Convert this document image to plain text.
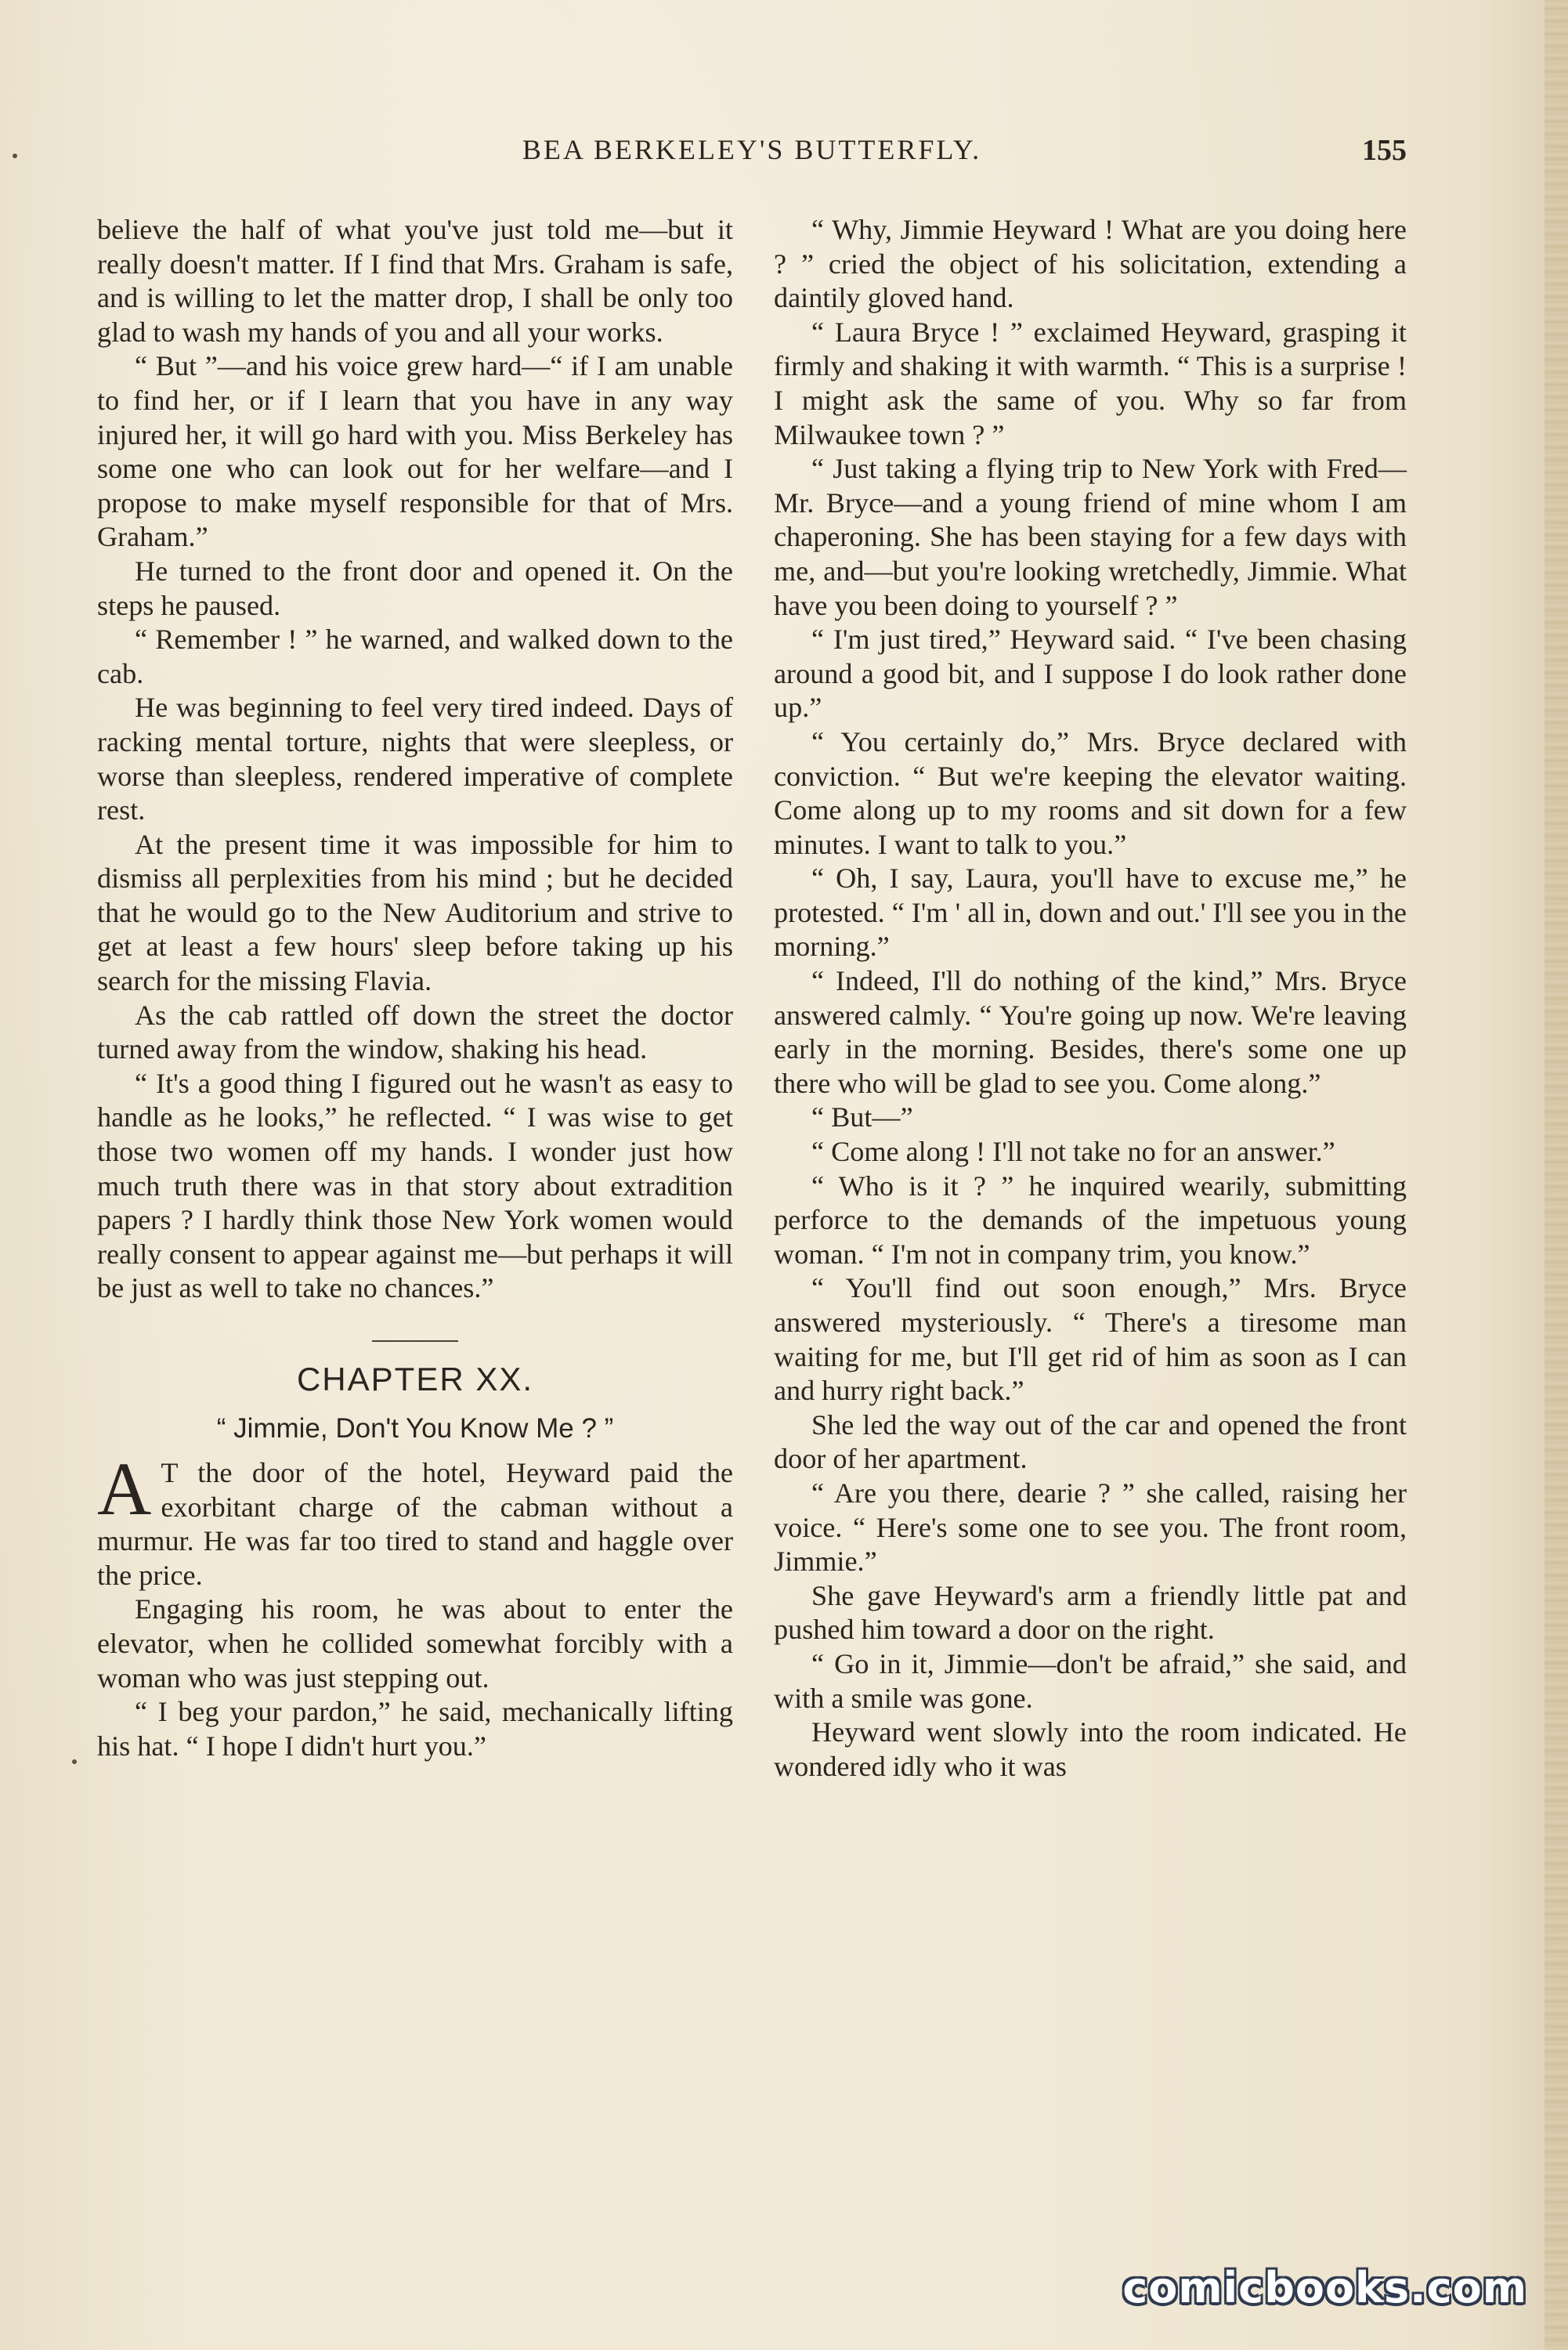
BEA BERKELEY'S BUTTERFLY.	155

believe the half of what you've just told me—but it really doesn't matter. If I find that Mrs. Graham is safe, and is willing to let the matter drop, I shall be only too glad to wash my hands of you and all your works.

“ But ”—and his voice grew hard—“ if I am unable to find her, or if I learn that you have in any way injured her, it will go hard with you. Miss Berkeley has some one who can look out for her welfare—and I propose to make myself responsible for that of Mrs. Graham.”

He turned to the front door and opened it. On the steps he paused.

“ Remember ! ” he warned, and walked down to the cab.

He was beginning to feel very tired indeed. Days of racking mental torture, nights that were sleepless, or worse than sleepless, rendered imperative of complete rest.

At the present time it was impossible for him to dismiss all perplexities from his mind ; but he decided that he would go to the New Auditorium and strive to get at least a few hours' sleep before taking up his search for the missing Flavia.

As the cab rattled off down the street the doctor turned away from the window, shaking his head.

“ It's a good thing I figured out he wasn't as easy to handle as he looks,” he reflected. “ I was wise to get those two women off my hands. I wonder just how much truth there was in that story about extradition papers ? I hardly think those New York women would really consent to appear against me—but perhaps it will be just as well to take no chances.”

CHAPTER XX.
“ Jimmie, Don't You Know Me ? ”

A T the door of the hotel, Heyward paid the exorbitant charge of the cabman without a murmur. He was far too tired to stand and haggle over the price.

Engaging his room, he was about to enter the elevator, when he collided somewhat forcibly with a woman who was just stepping out.

“ I beg your pardon,” he said, mechanically lifting his hat. “ I hope I didn't hurt you.”

“ Why, Jimmie Heyward ! What are you doing here ? ” cried the object of his solicitation, extending a daintily gloved hand.

“ Laura Bryce ! ” exclaimed Heyward, grasping it firmly and shaking it with warmth. “ This is a surprise ! I might ask the same of you. Why so far from Milwaukee town ? ”

“ Just taking a flying trip to New York with Fred—Mr. Bryce—and a young friend of mine whom I am chaperoning. She has been staying for a few days with me, and—but you're looking wretchedly, Jimmie. What have you been doing to yourself ? ”

“ I'm just tired,” Heyward said. “ I've been chasing around a good bit, and I suppose I do look rather done up.”

“ You certainly do,” Mrs. Bryce declared with conviction. “ But we're keeping the elevator waiting. Come along up to my rooms and sit down for a few minutes. I want to talk to you.”

“ Oh, I say, Laura, you'll have to excuse me,” he protested. “ I'm ' all in, down and out.' I'll see you in the morning.”

“ Indeed, I'll do nothing of the kind,” Mrs. Bryce answered calmly. “ You're going up now. We're leaving early in the morning. Besides, there's some one up there who will be glad to see you. Come along.”

“ But—”

“ Come along ! I'll not take no for an answer.”

“ Who is it ? ” he inquired wearily, submitting perforce to the demands of the impetuous young woman. “ I'm not in company trim, you know.”

“ You'll find out soon enough,” Mrs. Bryce answered mysteriously. “ There's a tiresome man waiting for me, but I'll get rid of him as soon as I can and hurry right back.”

She led the way out of the car and opened the front door of her apartment.

“ Are you there, dearie ? ” she called, raising her voice. “ Here's some one to see you. The front room, Jimmie.”

She gave Heyward's arm a friendly little pat and pushed him toward a door on the right.

“ Go in it, Jimmie—don't be afraid,” she said, and with a smile was gone.

Heyward went slowly into the room indicated. He wondered idly who it was

comicbooks.com
